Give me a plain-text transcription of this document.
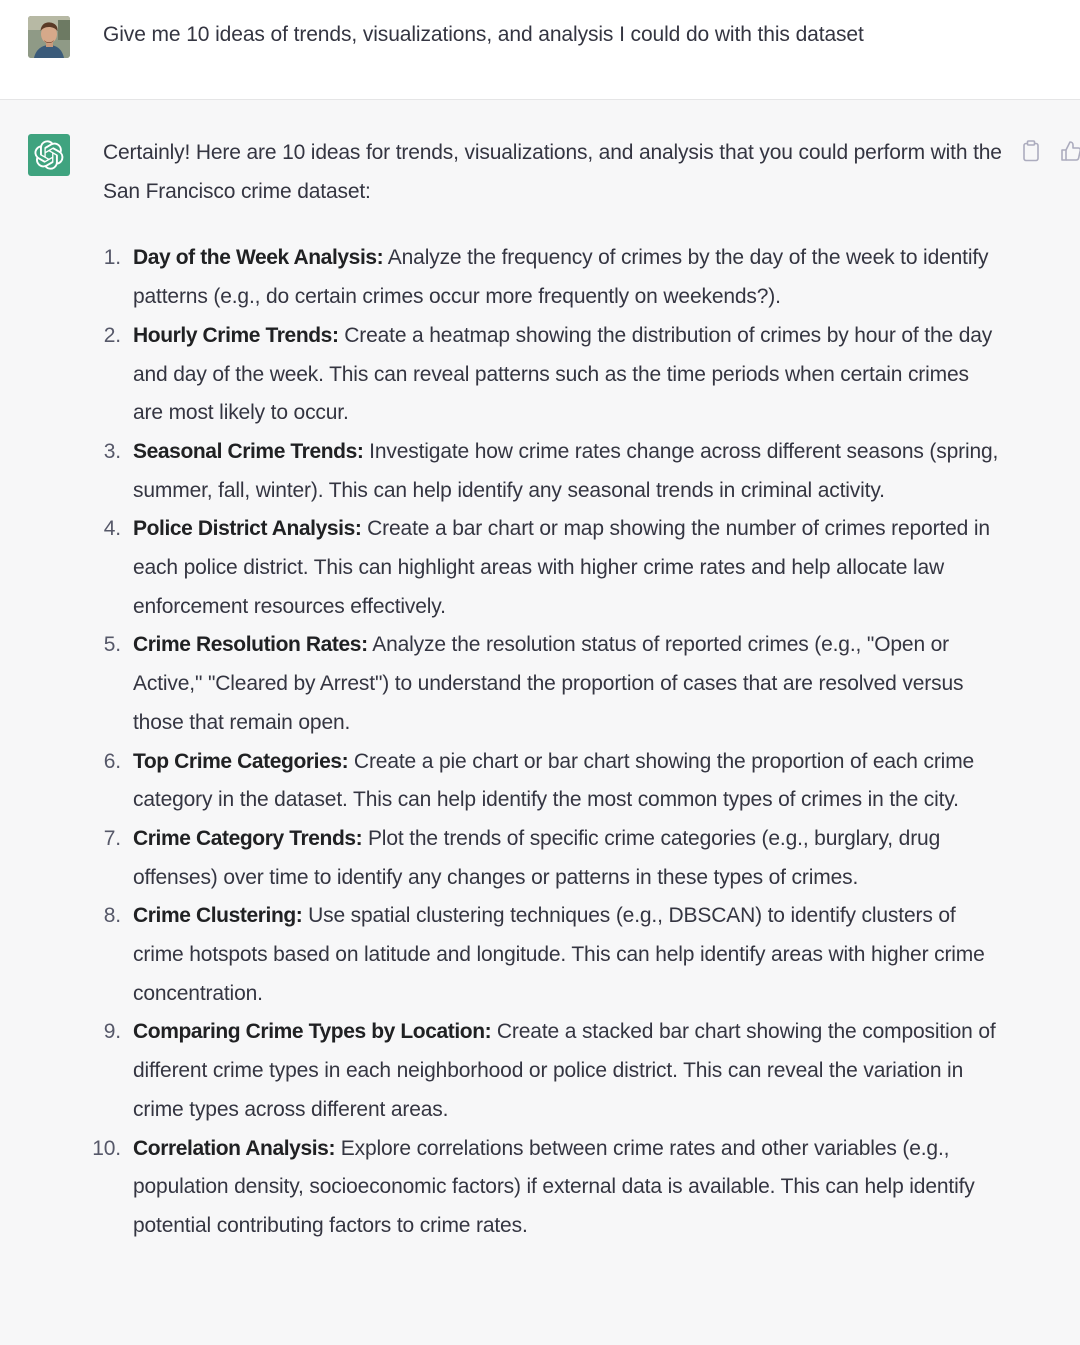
Give me 10 ideas of trends, visualizations, and analysis I could do with this dataset

Certainly! Here are 10 ideas for trends, visualizations, and analysis that you could perform with the San Francisco crime dataset:

1. Day of the Week Analysis: Analyze the frequency of crimes by the day of the week to identify patterns (e.g., do certain crimes occur more frequently on weekends?).
2. Hourly Crime Trends: Create a heatmap showing the distribution of crimes by hour of the day and day of the week. This can reveal patterns such as the time periods when certain crimes are most likely to occur.
3. Seasonal Crime Trends: Investigate how crime rates change across different seasons (spring, summer, fall, winter). This can help identify any seasonal trends in criminal activity.
4. Police District Analysis: Create a bar chart or map showing the number of crimes reported in each police district. This can highlight areas with higher crime rates and help allocate law enforcement resources effectively.
5. Crime Resolution Rates: Analyze the resolution status of reported crimes (e.g., "Open or Active," "Cleared by Arrest") to understand the proportion of cases that are resolved versus those that remain open.
6. Top Crime Categories: Create a pie chart or bar chart showing the proportion of each crime category in the dataset. This can help identify the most common types of crimes in the city.
7. Crime Category Trends: Plot the trends of specific crime categories (e.g., burglary, drug offenses) over time to identify any changes or patterns in these types of crimes.
8. Crime Clustering: Use spatial clustering techniques (e.g., DBSCAN) to identify clusters of crime hotspots based on latitude and longitude. This can help identify areas with higher crime concentration.
9. Comparing Crime Types by Location: Create a stacked bar chart showing the composition of different crime types in each neighborhood or police district. This can reveal the variation in crime types across different areas.
10. Correlation Analysis: Explore correlations between crime rates and other variables (e.g., population density, socioeconomic factors) if external data is available. This can help identify potential contributing factors to crime rates.
